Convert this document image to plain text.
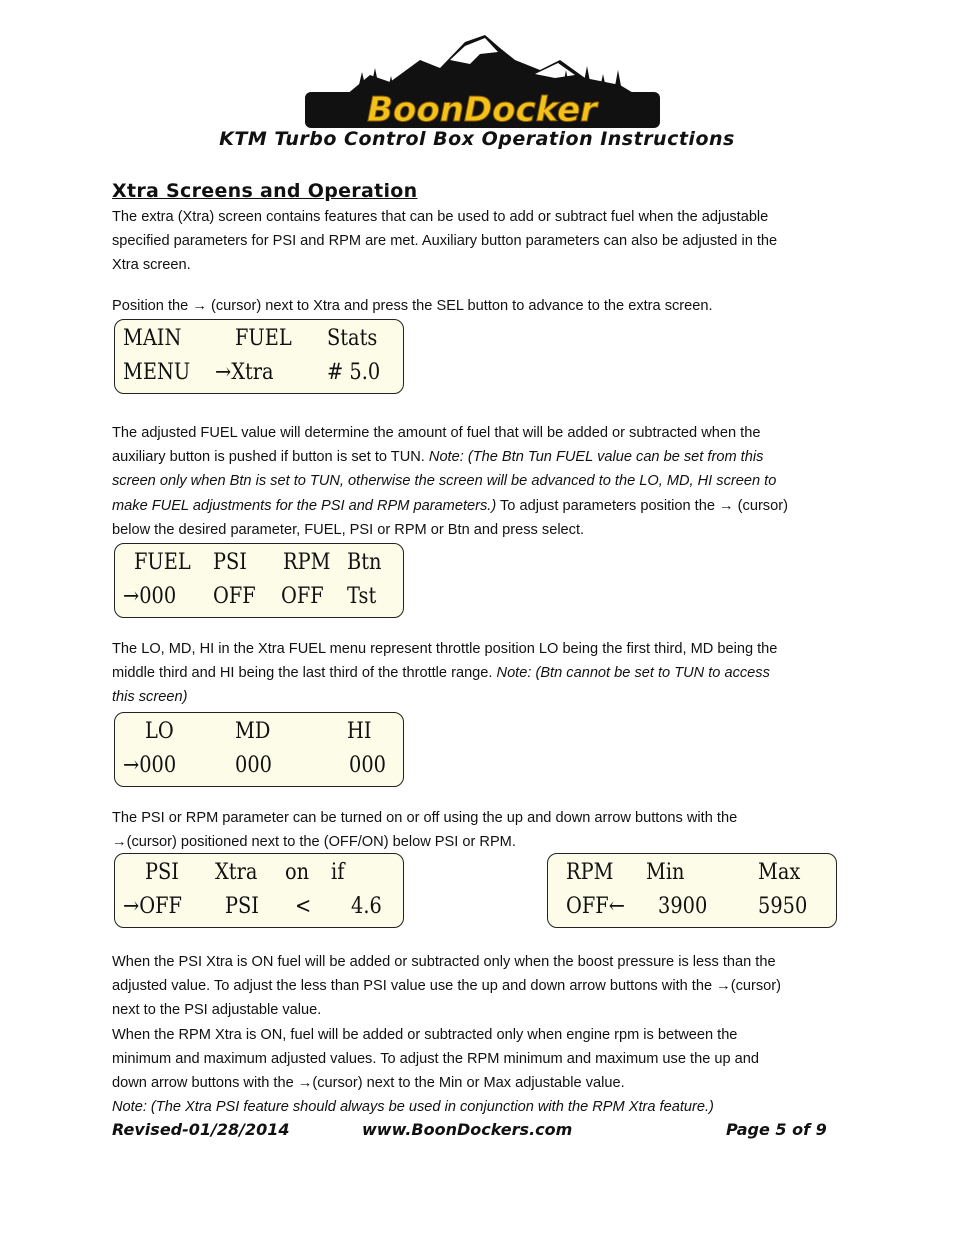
BoonDocker
KTM Turbo Control Box Operation Instructions
Xtra Screens and Operation
The extra (Xtra) screen contains features that can be used to add or subtract fuel when the adjustable
specified parameters for PSI and RPM are met. Auxiliary button parameters can also be adjusted in the
Xtra screen.
Position the → (cursor) next to Xtra and press the SEL button to advance to the extra screen.
MAIN FUEL Stats
MENU →Xtra # 5.0
The adjusted FUEL value will determine the amount of fuel that will be added or subtracted when the
auxiliary button is pushed if button is set to TUN. Note: (The Btn Tun FUEL value can be set from this
screen only when Btn is set to TUN, otherwise the screen will be advanced to the LO, MD, HI screen to
make FUEL adjustments for the PSI and RPM parameters.) To adjust parameters position the → (cursor)
below the desired parameter, FUEL, PSI or RPM or Btn and press select.
FUEL PSI RPM Btn
→000 OFF OFF Tst
The LO, MD, HI in the Xtra FUEL menu represent throttle position LO being the first third, MD being the
middle third and HI being the last third of the throttle range. Note: (Btn cannot be set to TUN to access
this screen)
LO	MD	HI
→000	000	000
The PSI or RPM parameter can be turned on or off using the up and down arrow buttons with the
→(cursor) positioned next to the (OFF/ON) below PSI or RPM.
PSI Xtra on if
→OFF PSI < 4.6
RPM Min	Max
OFF← 3900 5950
When the PSI Xtra is ON fuel will be added or subtracted only when the boost pressure is less than the
adjusted value. To adjust the less than PSI value use the up and down arrow buttons with the →(cursor)
next to the PSI adjustable value.
When the RPM Xtra is ON, fuel will be added or subtracted only when engine rpm is between the
minimum and maximum adjusted values. To adjust the RPM minimum and maximum use the up and
down arrow buttons with the →(cursor) next to the Min or Max adjustable value.
Note: (The Xtra PSI feature should always be used in conjunction with the RPM Xtra feature.)
Revised-01/28/2014	www.BoonDockers.com	Page 5 of 9
